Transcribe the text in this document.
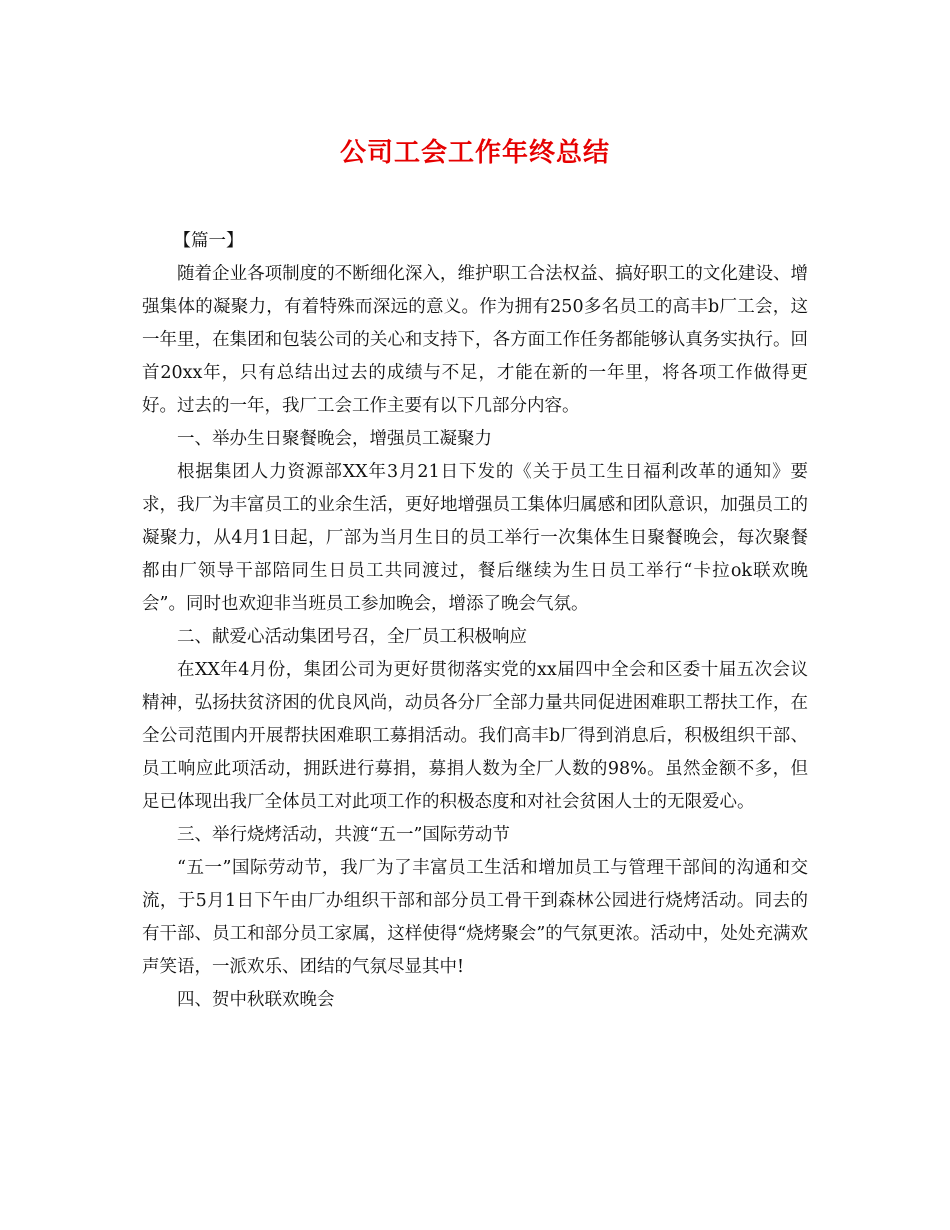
公司工会工作年终总结

【篇一】

随着企业各项制度的不断细化深入，维护职工合法权益、搞好职工的文化建设、增强集体的凝聚力，有着特殊而深远的意义。作为拥有250多名员工的高丰b厂工会，这一年里，在集团和包装公司的关心和支持下，各方面工作任务都能够认真务实执行。回首20xx年，只有总结出过去的成绩与不足，才能在新的一年里，将各项工作做得更好。过去的一年，我厂工会工作主要有以下几部分内容。

一、举办生日聚餐晚会，增强员工凝聚力

根据集团人力资源部XX年3月21日下发的《关于员工生日福利改革的通知》要求，我厂为丰富员工的业余生活，更好地增强员工集体归属感和团队意识，加强员工的凝聚力，从4月1日起，厂部为当月生日的员工举行一次集体生日聚餐晚会，每次聚餐都由厂领导干部陪同生日员工共同渡过，餐后继续为生日员工举行“卡拉ok联欢晚会”。同时也欢迎非当班员工参加晚会，增添了晚会气氛。

二、献爱心活动集团号召，全厂员工积极响应

在XX年4月份，集团公司为更好贯彻落实党的xx届四中全会和区委十届五次会议精神，弘扬扶贫济困的优良风尚，动员各分厂全部力量共同促进困难职工帮扶工作，在全公司范围内开展帮扶困难职工募捐活动。我们高丰b厂得到消息后，积极组织干部、员工响应此项活动，拥跃进行募捐，募捐人数为全厂人数的98%。虽然金额不多，但足已体现出我厂全体员工对此项工作的积极态度和对社会贫困人士的无限爱心。

三、举行烧烤活动，共渡“五一”国际劳动节

“五一”国际劳动节，我厂为了丰富员工生活和增加员工与管理干部间的沟通和交流，于5月1日下午由厂办组织干部和部分员工骨干到森林公园进行烧烤活动。同去的有干部、员工和部分员工家属，这样使得“烧烤聚会”的气氛更浓。活动中，处处充满欢声笑语，一派欢乐、团结的气氛尽显其中!

四、贺中秋联欢晚会
